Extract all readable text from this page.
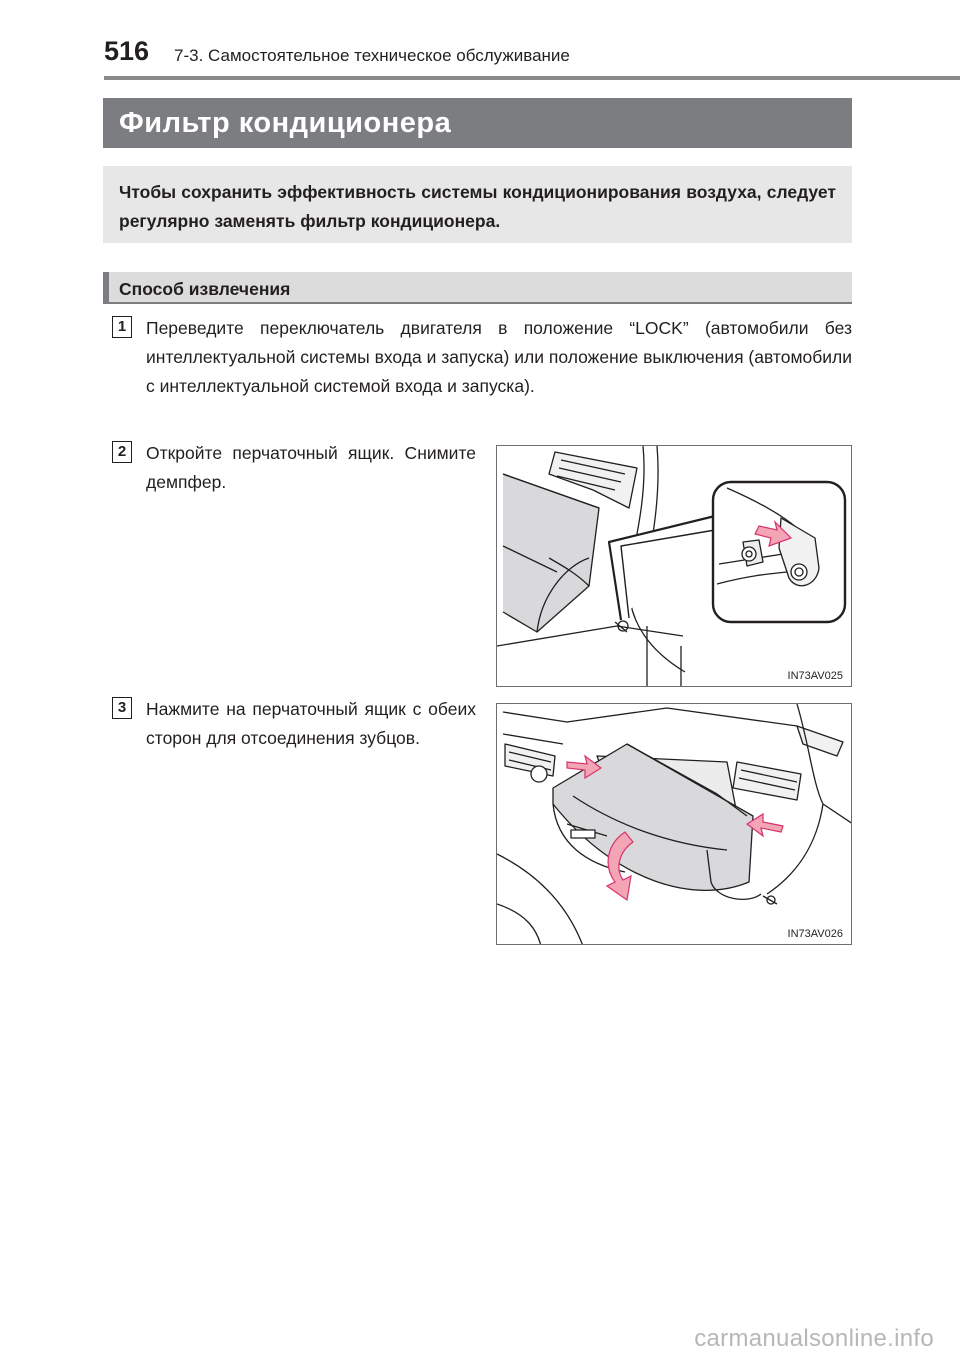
516 7-3. Самостоятельное техническое обслуживание
Фильтр кондиционера
Чтобы сохранить эффективность системы кондиционирования воздуха, следует регулярно заменять фильтр кондиционера.
Способ извлечения
1	Переведите переключатель двигателя в положение “LOCK” (автомобили без интеллектуальной системы входа и запуска) или положение выключения (автомобили с интеллектуальной системой входа и запуска).
2	Откройте перчаточный ящик. Снимите демпфер.
3	Нажмите на перчаточный ящик с обеих сторон для отсоединения зубцов.
IN73AV025
IN73AV026
carmanualsonline.info
